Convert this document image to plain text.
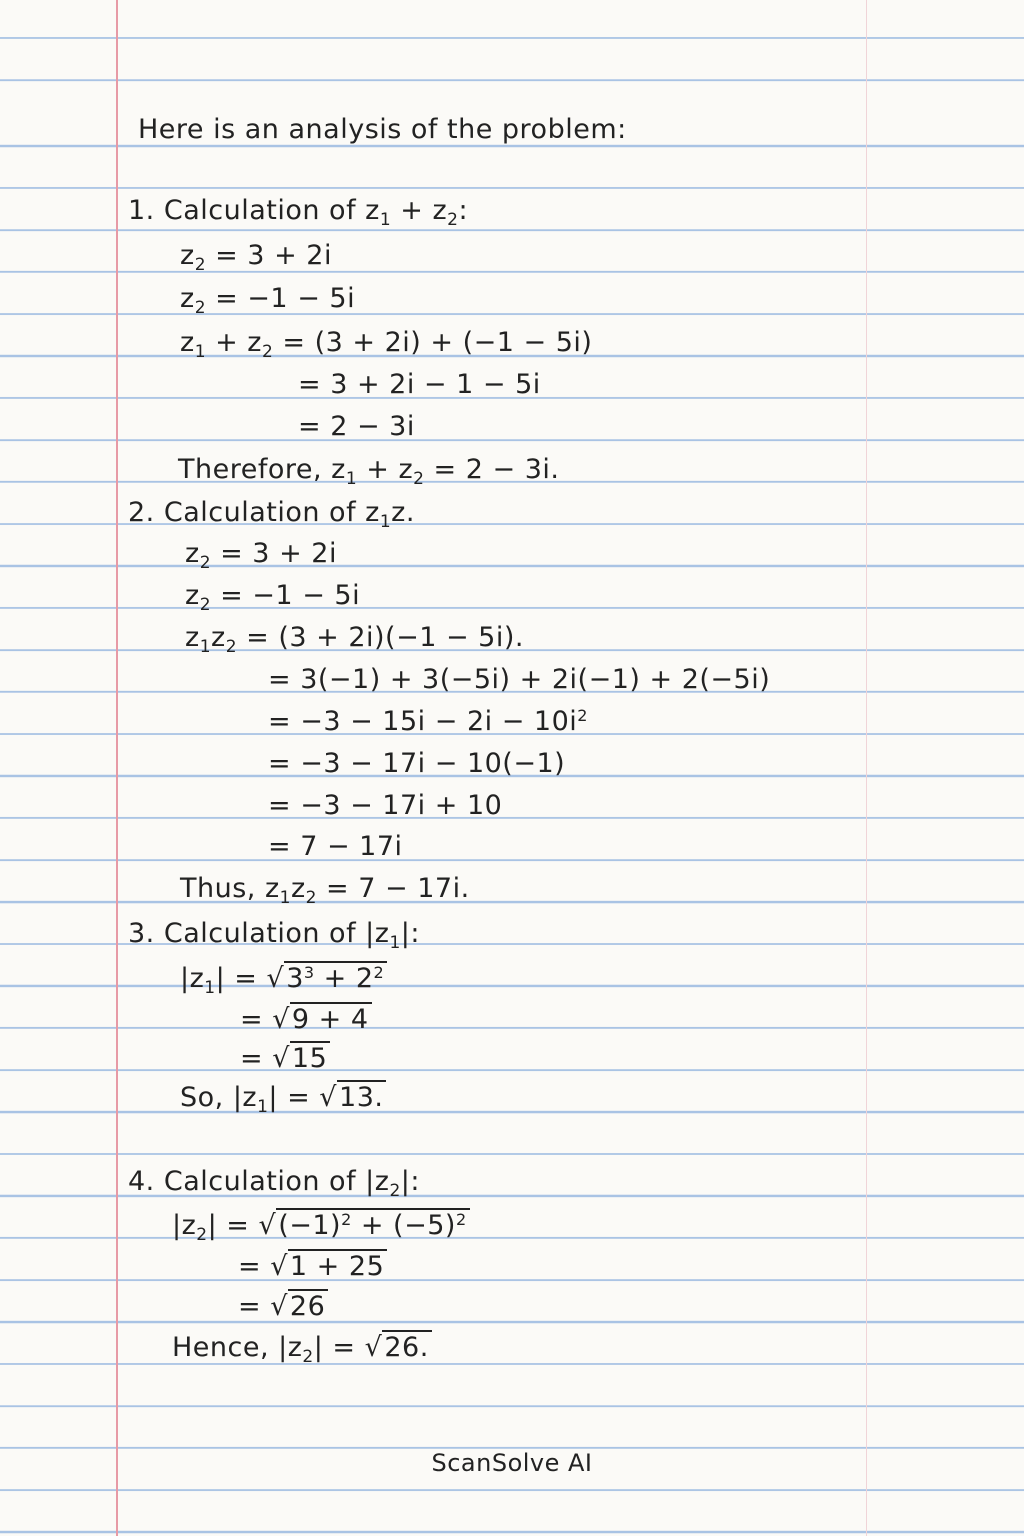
Here is an analysis of the problem:
1. Calculation of $z_1 + z_2$:
$z_2 = 3 + 2i$
$z_2 = -1 - 5i$
$z_1 + z_2 = (3 + 2i) + (-1 - 5i)$
= 3 + 2i − 1 − 5i
= 2 − 3i
Therefore, $z_1 + z_2 = 2 - 3i$.
2. Calculation of $z_1z$.
$z_2 = 3 + 2i$
$z_2 = -1 - 5i$
$z_1z_2 = (3 + 2i)(-1 - 5i)$.
= 3(−1) + 3(−5i) + 2i(−1) + 2(−5i)
= $-3 - 15i - 2i - 10i^2$
= −3 − 17i − 10(−1)
= −3 − 17i + 10
= 7 − 17i
Thus, $z_1z_2 = 7 - 17i$.
3. Calculation of $|z_1|$:
$|z_1| = √3^3 + 2^2$
= √9 + 4
= √15
So, $|z_1| = √13$.
4. Calculation of $|z_2|$:
$|z_2| = √(-1)^2 + (-5)^2$
= √1 + 25
= √26
Hence, $|z_2| = √26$.
ScanSolve AI
